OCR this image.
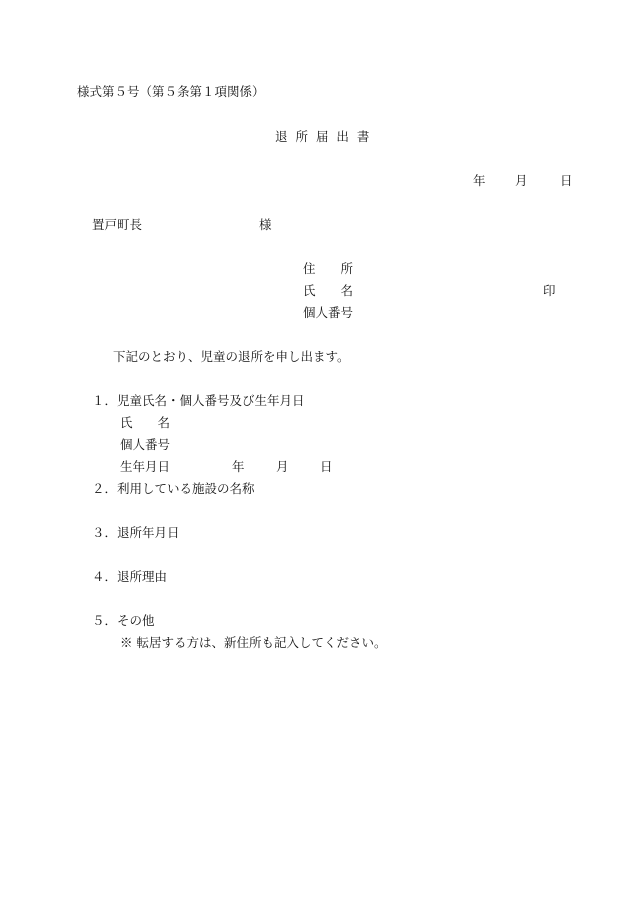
様式第５号（第５条第１項関係）
退 所 届 出 書
年 月	日
置戸町長	様
住　　所
氏　　名	印
個人番号
下記のとおり、児童の退所を申し出ます。
１．児童氏名・個人番号及び生年月日
氏　　名
個人番号
生年月日	年	月	日
２．利用している施設の名称
３．退所年月日
４．退所理由
５．その他
※ 転居する方は、新住所も記入してください。
